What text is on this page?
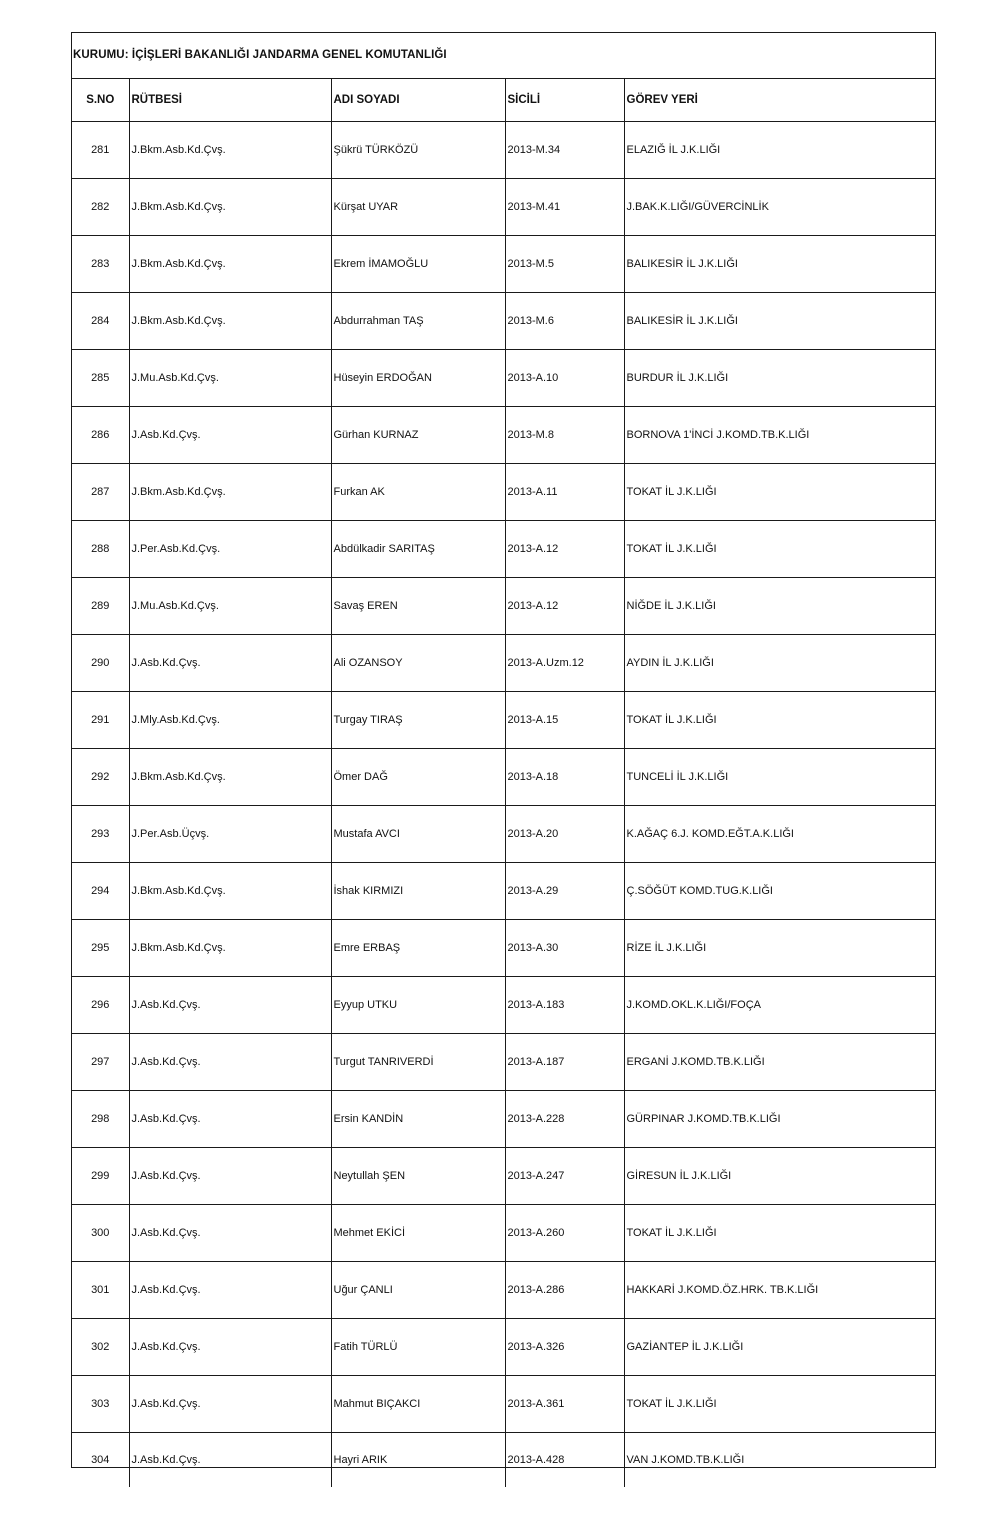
KURUMU: İÇİŞLERİ BAKANLIĞI JANDARMA GENEL KOMUTANLIĞI
S.NO	RÜTBESİ	ADI SOYADI	SİCİLİ	GÖREV YERİ
281	J.Bkm.Asb.Kd.Çvş.	Şükrü TÜRKÖZÜ	2013-M.34	ELAZIĞ İL J.K.LIĞI
282	J.Bkm.Asb.Kd.Çvş.	Kürşat UYAR	2013-M.41	J.BAK.K.LIĞI/GÜVERCİNLİK
283	J.Bkm.Asb.Kd.Çvş.	Ekrem İMAMOĞLU	2013-M.5	BALIKESİR İL J.K.LIĞI
284	J.Bkm.Asb.Kd.Çvş.	Abdurrahman TAŞ	2013-M.6	BALIKESİR İL J.K.LIĞI
285	J.Mu.Asb.Kd.Çvş.	Hüseyin ERDOĞAN	2013-A.10	BURDUR İL J.K.LIĞI
286	J.Asb.Kd.Çvş.	Gürhan KURNAZ	2013-M.8	BORNOVA 1'İNCİ J.KOMD.TB.K.LIĞI
287	J.Bkm.Asb.Kd.Çvş.	Furkan AK	2013-A.11	TOKAT İL J.K.LIĞI
288	J.Per.Asb.Kd.Çvş.	Abdülkadir SARITAŞ	2013-A.12	TOKAT İL J.K.LIĞI
289	J.Mu.Asb.Kd.Çvş.	Savaş EREN	2013-A.12	NİĞDE İL J.K.LIĞI
290	J.Asb.Kd.Çvş.	Ali OZANSOY	2013-A.Uzm.12	AYDIN İL J.K.LIĞI
291	J.Mly.Asb.Kd.Çvş.	Turgay TIRAŞ	2013-A.15	TOKAT İL J.K.LIĞI
292	J.Bkm.Asb.Kd.Çvş.	Ömer DAĞ	2013-A.18	TUNCELİ İL J.K.LIĞI
293	J.Per.Asb.Üçvş.	Mustafa AVCI	2013-A.20	K.AĞAÇ 6.J. KOMD.EĞT.A.K.LIĞI
294	J.Bkm.Asb.Kd.Çvş.	İshak KIRMIZI	2013-A.29	Ç.SÖĞÜT KOMD.TUG.K.LIĞI
295	J.Bkm.Asb.Kd.Çvş.	Emre ERBAŞ	2013-A.30	RİZE İL J.K.LIĞI
296	J.Asb.Kd.Çvş.	Eyyup UTKU	2013-A.183	J.KOMD.OKL.K.LIĞI/FOÇA
297	J.Asb.Kd.Çvş.	Turgut TANRIVERDİ	2013-A.187	ERGANİ J.KOMD.TB.K.LIĞI
298	J.Asb.Kd.Çvş.	Ersin KANDİN	2013-A.228	GÜRPINAR J.KOMD.TB.K.LIĞI
299	J.Asb.Kd.Çvş.	Neytullah ŞEN	2013-A.247	GİRESUN İL J.K.LIĞI
300	J.Asb.Kd.Çvş.	Mehmet EKİCİ	2013-A.260	TOKAT İL J.K.LIĞI
301	J.Asb.Kd.Çvş.	Uğur ÇANLI	2013-A.286	HAKKARİ J.KOMD.ÖZ.HRK. TB.K.LIĞI
302	J.Asb.Kd.Çvş.	Fatih TÜRLÜ	2013-A.326	GAZİANTEP İL J.K.LIĞI
303	J.Asb.Kd.Çvş.	Mahmut BIÇAKCI	2013-A.361	TOKAT İL J.K.LIĞI
304	J.Asb.Kd.Çvş.	Hayri ARIK	2013-A.428	VAN J.KOMD.TB.K.LIĞI
